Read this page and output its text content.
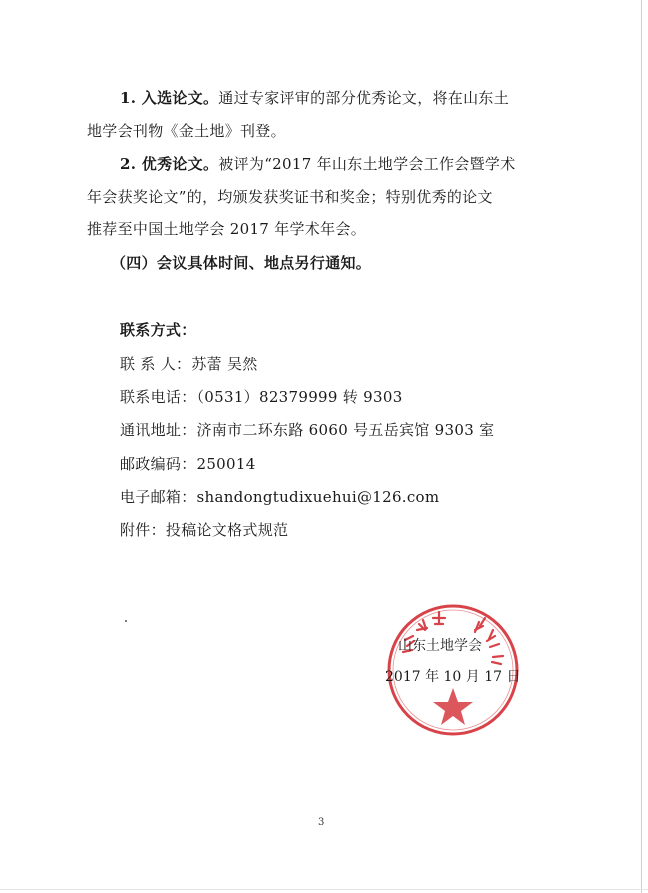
1. 入选论文。通过专家评审的部分优秀论文，将在山东土
地学会刊物《金土地》刊登。
2. 优秀论文。被评为“2017 年山东土地学会工作会暨学术
年会获奖论文”的，均颁发获奖证书和奖金；特别优秀的论文
推荐至中国土地学会 2017 年学术年会。
（四）会议具体时间、地点另行通知。
联系方式：
联 系 人：苏蕾 吴然
联系电话：（0531）82379999 转 9303
通讯地址：济南市二环东路 6060 号五岳宾馆 9303 室
邮政编码：250014
电子邮箱：shandongtudixuehui@126.com
附件：投稿论文格式规范
山东土地学会
2017 年 10 月 17 日
3
